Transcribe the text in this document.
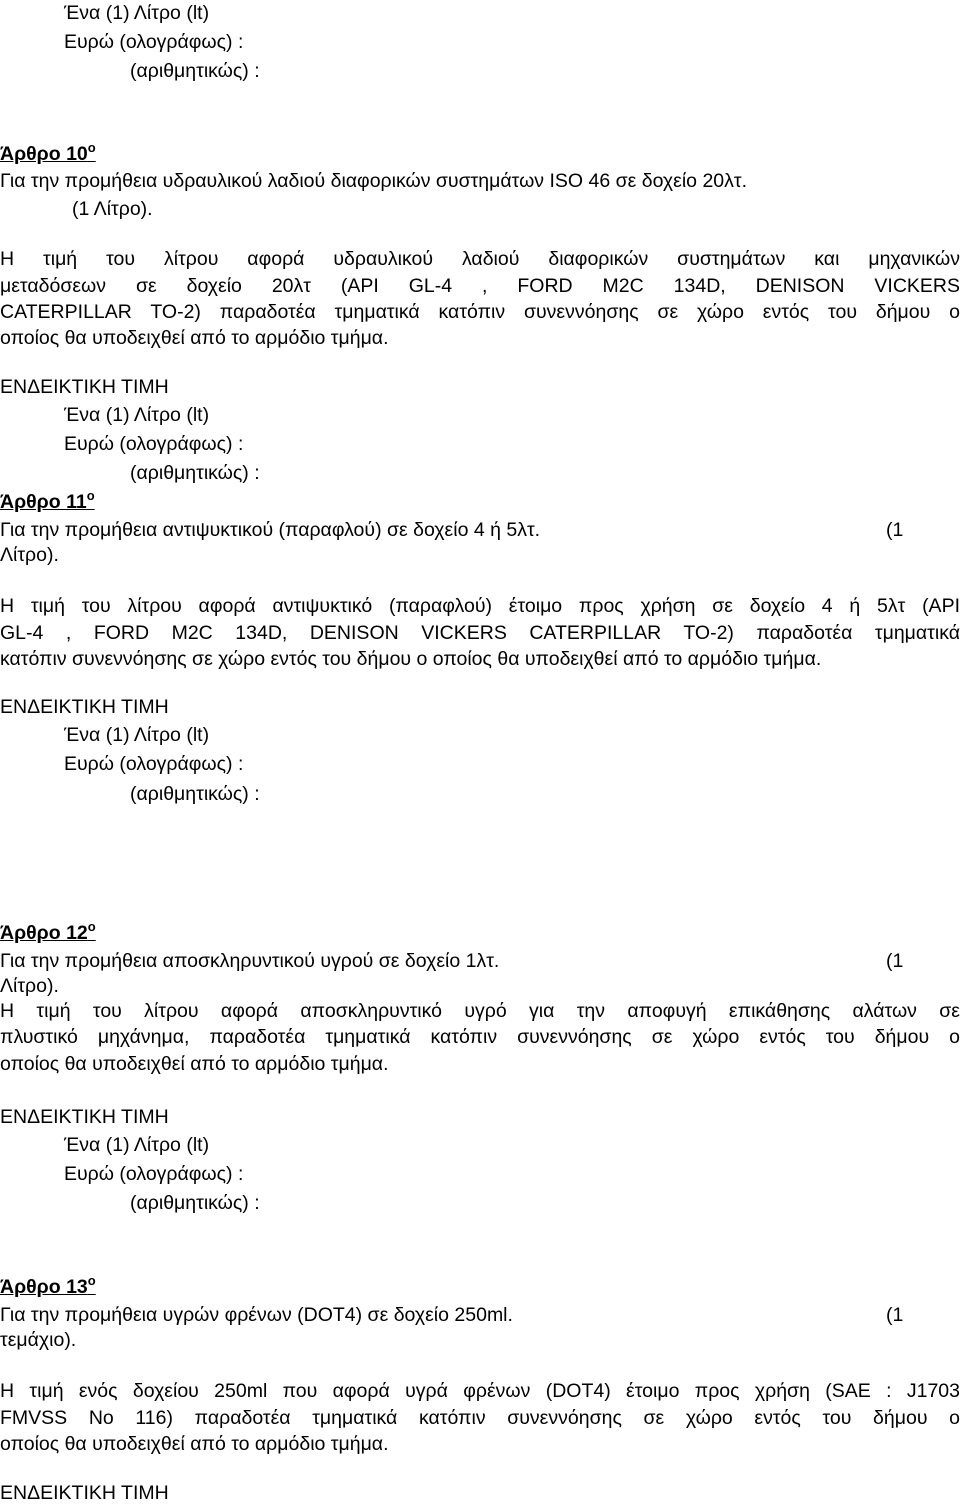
Ένα (1) Λίτρο (lt)
Ευρώ (ολογράφως) :
(αριθμητικώς) :
Άρθρο $10^o$
Για την προμήθεια υδραυλικού λαδιού διαφορικών συστημάτων ISO 46 σε δοχείο 20λτ.
(1 Λίτρο).
Η τιμή του λίτρου αφορά υδραυλικού λαδιού διαφορικών συστημάτων και μηχανικών
μεταδόσεων σε δοχείο 20λτ (API GL-4 , FORD M2C 134D, DENISON VICKERS
CATERPILLAR TO-2) παραδοτέα τμηματικά κατόπιν συνεννόησης σε χώρο εντός του δήμου ο
οποίος θα υποδειχθεί από το αρμόδιο τμήμα.
ΕΝΔΕΙΚΤΙΚΗ ΤΙΜΗ
Ένα (1) Λίτρο (lt)
Ευρώ (ολογράφως) :
(αριθμητικώς) :
Άρθρο $11^o$
Για την προμήθεια αντιψυκτικού (παραφλού) σε δοχείο 4 ή 5λτ.	(1
Λίτρο).
Η τιμή του λίτρου αφορά αντιψυκτικό (παραφλού) έτοιμο προς χρήση σε δοχείο 4 ή 5λτ (API
GL-4 , FORD M2C 134D, DENISON VICKERS CATERPILLAR TO-2) παραδοτέα τμηματικά
κατόπιν συνεννόησης σε χώρο εντός του δήμου ο οποίος θα υποδειχθεί από το αρμόδιο τμήμα.
ΕΝΔΕΙΚΤΙΚΗ ΤΙΜΗ
Ένα (1) Λίτρο (lt)
Ευρώ (ολογράφως) :
(αριθμητικώς) :
Άρθρο $12^o$
Για την προμήθεια αποσκληρυντικού υγρού σε δοχείο 1λτ.	(1
Λίτρο).
Η τιμή του λίτρου αφορά αποσκληρυντικό υγρό για την αποφυγή επικάθησης αλάτων σε
πλυστικό μηχάνημα, παραδοτέα τμηματικά κατόπιν συνεννόησης σε χώρο εντός του δήμου ο
οποίος θα υποδειχθεί από το αρμόδιο τμήμα.
ΕΝΔΕΙΚΤΙΚΗ ΤΙΜΗ
Ένα (1) Λίτρο (lt)
Ευρώ (ολογράφως) :
(αριθμητικώς) :
Άρθρο $13^o$
Για την προμήθεια υγρών φρένων (DOT4) σε δοχείο 250ml.	(1
τεμάχιο).
Η τιμή ενός δοχείου 250ml που αφορά υγρά φρένων (DOT4) έτοιμο προς χρήση (SAE : J1703
FMVSS No 116) παραδοτέα τμηματικά κατόπιν συνεννόησης σε χώρο εντός του δήμου ο
οποίος θα υποδειχθεί από το αρμόδιο τμήμα.
ΕΝΔΕΙΚΤΙΚΗ ΤΙΜΗ
